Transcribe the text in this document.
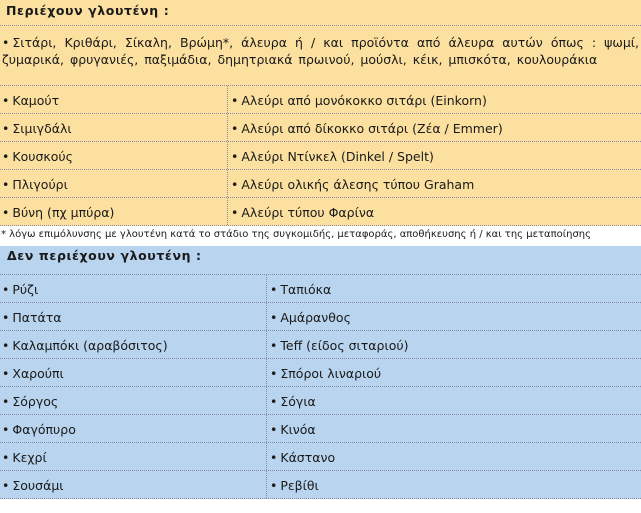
Περιέχουν γλουτένη :
• Σιτάρι, Κριθάρι, Σίκαλη, Βρώμη*, άλευρα ή / και προϊόντα από άλευρα αυτών όπως : ψωμί, ζυμαρικά, φρυγανιές, παξιμάδια, δημητριακά πρωινού, μούσλι, κέικ, μπισκότα, κουλουράκια
• Καμούτ	• Αλεύρι από μονόκοκκο σιτάρι (Einkorn)
• Σιμιγδάλι	• Αλεύρι από δίκοκκο σιτάρι (Ζέα / Emmer)
• Κουσκούς	• Αλεύρι Ντίνκελ (Dinkel / Spelt)
• Πλιγούρι	• Αλεύρι ολικής άλεσης τύπου Graham
• Βύνη (πχ μπύρα)	• Αλεύρι τύπου Φαρίνα
* λόγω επιμόλυνσης με γλουτένη κατά το στάδιο της συγκομιδής, μεταφοράς, αποθήκευσης ή / και της μεταποίησης
Δεν περιέχουν γλουτένη :
• Ρύζι	• Ταπιόκα
• Πατάτα	• Αμάρανθος
• Καλαμπόκι (αραβόσιτος)	• Teff (είδος σιταριού)
• Χαρούπι	• Σπόροι λιναριού
• Σόργος	• Σόγια
• Φαγόπυρο	• Κινόα
• Κεχρί	• Κάστανο
• Σουσάμι	• Ρεβίθι
